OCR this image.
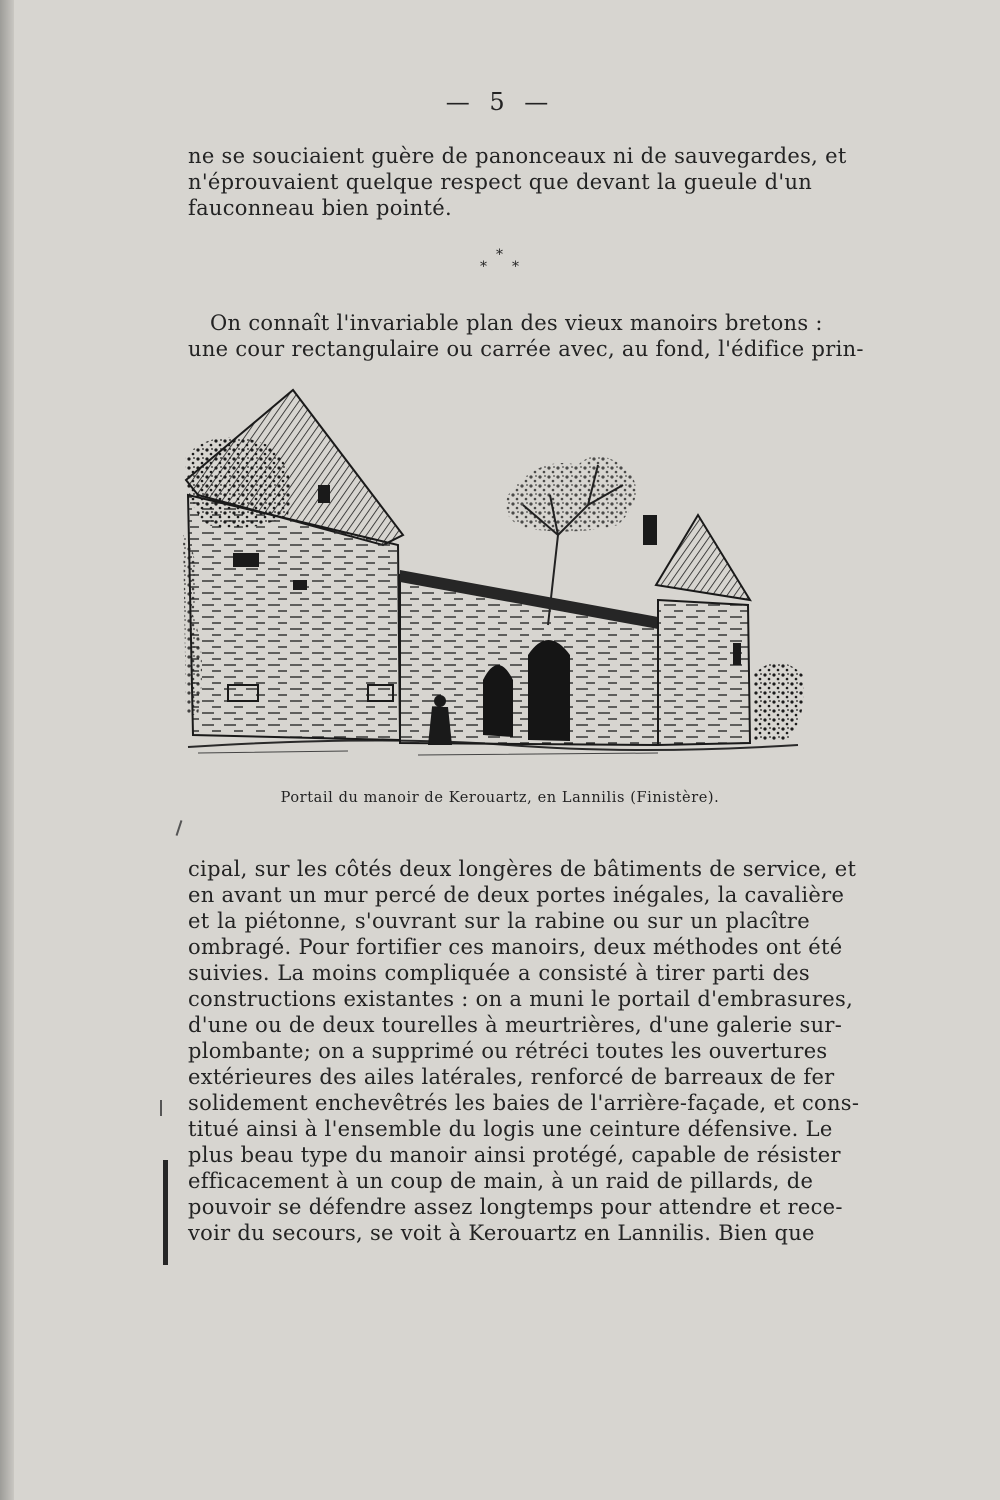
— 5 —
ne se souciaient guère de panonceaux ni de sauvegardes, et
n'éprouvaient quelque respect que devant la gueule d'un
fauconneau bien pointé.
*
* *
On connaît l'invariable plan des vieux manoirs bretons :
une cour rectangulaire ou carrée avec, au fond, l'édifice prin-
Portail du manoir de Kerouartz, en Lannilis (Finistère).
cipal, sur les côtés deux longères de bâtiments de service, et
en avant un mur percé de deux portes inégales, la cavalière
et la piétonne, s'ouvrant sur la rabine ou sur un placître
ombragé. Pour fortifier ces manoirs, deux méthodes ont été
suivies. La moins compliquée a consisté à tirer parti des
constructions existantes : on a muni le portail d'embrasures,
d'une ou de deux tourelles à meurtrières, d'une galerie sur-
plombante; on a supprimé ou rétréci toutes les ouvertures
extérieures des ailes latérales, renforcé de barreaux de fer
solidement enchevêtrés les baies de l'arrière-façade, et cons-
titué ainsi à l'ensemble du logis une ceinture défensive. Le
plus beau type du manoir ainsi protégé, capable de résister
efficacement à un coup de main, à un raid de pillards, de
pouvoir se défendre assez longtemps pour attendre et rece-
voir du secours, se voit à Kerouartz en Lannilis. Bien que
